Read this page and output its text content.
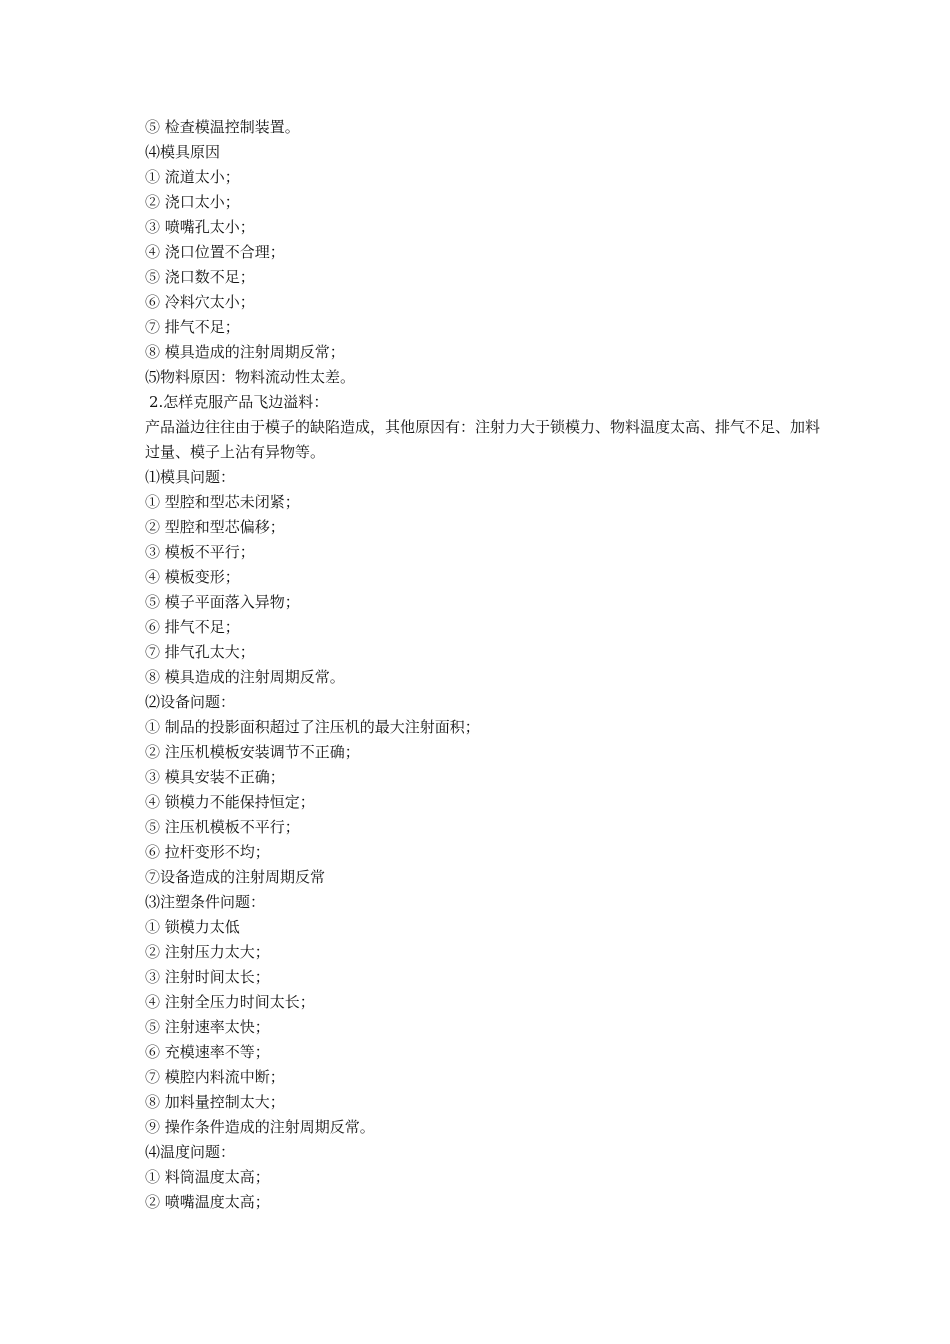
⑤ 检查模温控制装置。
⑷模具原因
① 流道太小；
② 浇口太小；
③ 喷嘴孔太小；
④ 浇口位置不合理；
⑤ 浇口数不足；
⑥ 冷料穴太小；
⑦ 排气不足；
⑧ 模具造成的注射周期反常；
⑸物料原因：物料流动性太差。
2.怎样克服产品飞边溢料：
产品溢边往往由于模子的缺陷造成，其他原因有：注射力大于锁模力、物料温度太高、排气不足、加料过量、模子上沾有异物等。
⑴模具问题：
① 型腔和型芯未闭紧；
② 型腔和型芯偏移；
③ 模板不平行；
④ 模板变形；
⑤ 模子平面落入异物；
⑥ 排气不足；
⑦ 排气孔太大；
⑧ 模具造成的注射周期反常。
⑵设备问题：
① 制品的投影面积超过了注压机的最大注射面积；
② 注压机模板安装调节不正确；
③ 模具安装不正确；
④ 锁模力不能保持恒定；
⑤ 注压机模板不平行；
⑥ 拉杆变形不均；
⑦设备造成的注射周期反常
⑶注塑条件问题：
① 锁模力太低
② 注射压力太大；
③ 注射时间太长；
④ 注射全压力时间太长；
⑤ 注射速率太快；
⑥ 充模速率不等；
⑦ 模腔内料流中断；
⑧ 加料量控制太大；
⑨ 操作条件造成的注射周期反常。
⑷温度问题：
① 料筒温度太高；
② 喷嘴温度太高；
